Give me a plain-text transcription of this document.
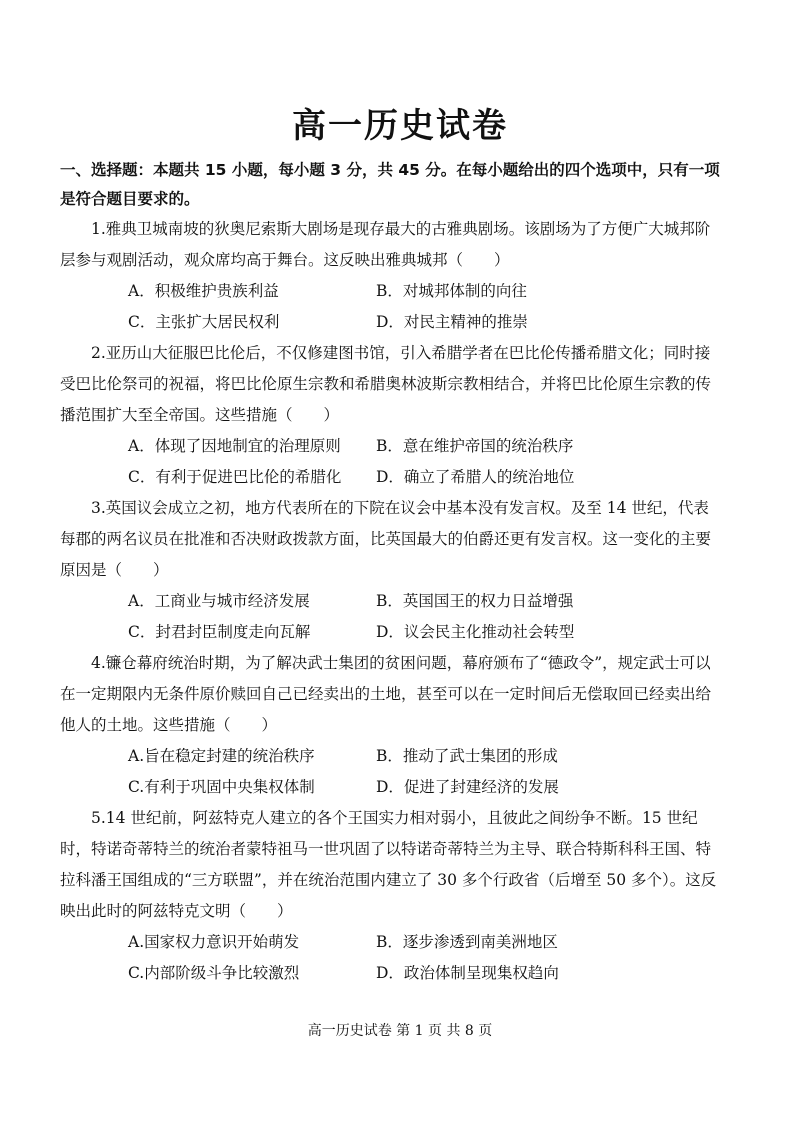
高一历史试卷
一、选择题：本题共 15 小题，每小题 3 分，共 45 分。在每小题给出的四个选项中，只有一项是符合题目要求的。

1.雅典卫城南坡的狄奥尼索斯大剧场是现存最大的古雅典剧场。该剧场为了方便广大城邦阶层参与观剧活动，观众席均高于舞台。这反映出雅典城邦（　　）

A．积极维护贵族利益	B．对城邦体制的向往
C．主张扩大居民权利	D．对民主精神的推崇

2.亚历山大征服巴比伦后，不仅修建图书馆，引入希腊学者在巴比伦传播希腊文化；同时接受巴比伦祭司的祝福，将巴比伦原生宗教和希腊奥林波斯宗教相结合，并将巴比伦原生宗教的传播范围扩大至全帝国。这些措施（　　）

A．体现了因地制宜的治理原则	B．意在维护帝国的统治秩序
C．有利于促进巴比伦的希腊化	D．确立了希腊人的统治地位

3.英国议会成立之初，地方代表所在的下院在议会中基本没有发言权。及至 14 世纪，代表每郡的两名议员在批准和否决财政拨款方面，比英国最大的伯爵还更有发言权。这一变化的主要原因是（　　）

A．工商业与城市经济发展	B．英国国王的权力日益增强
C．封君封臣制度走向瓦解	D．议会民主化推动社会转型

4.镰仓幕府统治时期，为了解决武士集团的贫困问题，幕府颁布了“德政令”，规定武士可以在一定期限内无条件原价赎回自己已经卖出的土地，甚至可以在一定时间后无偿取回已经卖出给他人的土地。这些措施（　　）

A.旨在稳定封建的统治秩序	B．推动了武士集团的形成
C.有利于巩固中央集权体制	D．促进了封建经济的发展

5.14 世纪前，阿兹特克人建立的各个王国实力相对弱小，且彼此之间纷争不断。15 世纪时，特诺奇蒂特兰的统治者蒙特祖马一世巩固了以特诺奇蒂特兰为主导、联合特斯科科王国、特拉科潘王国组成的“三方联盟”，并在统治范围内建立了 30 多个行政省（后增至 50 多个）。这反映出此时的阿兹特克文明（　　）

A.国家权力意识开始萌发	B．逐步渗透到南美洲地区
C.内部阶级斗争比较激烈	D．政治体制呈现集权趋向
高一历史试卷 第 1 页 共 8 页
